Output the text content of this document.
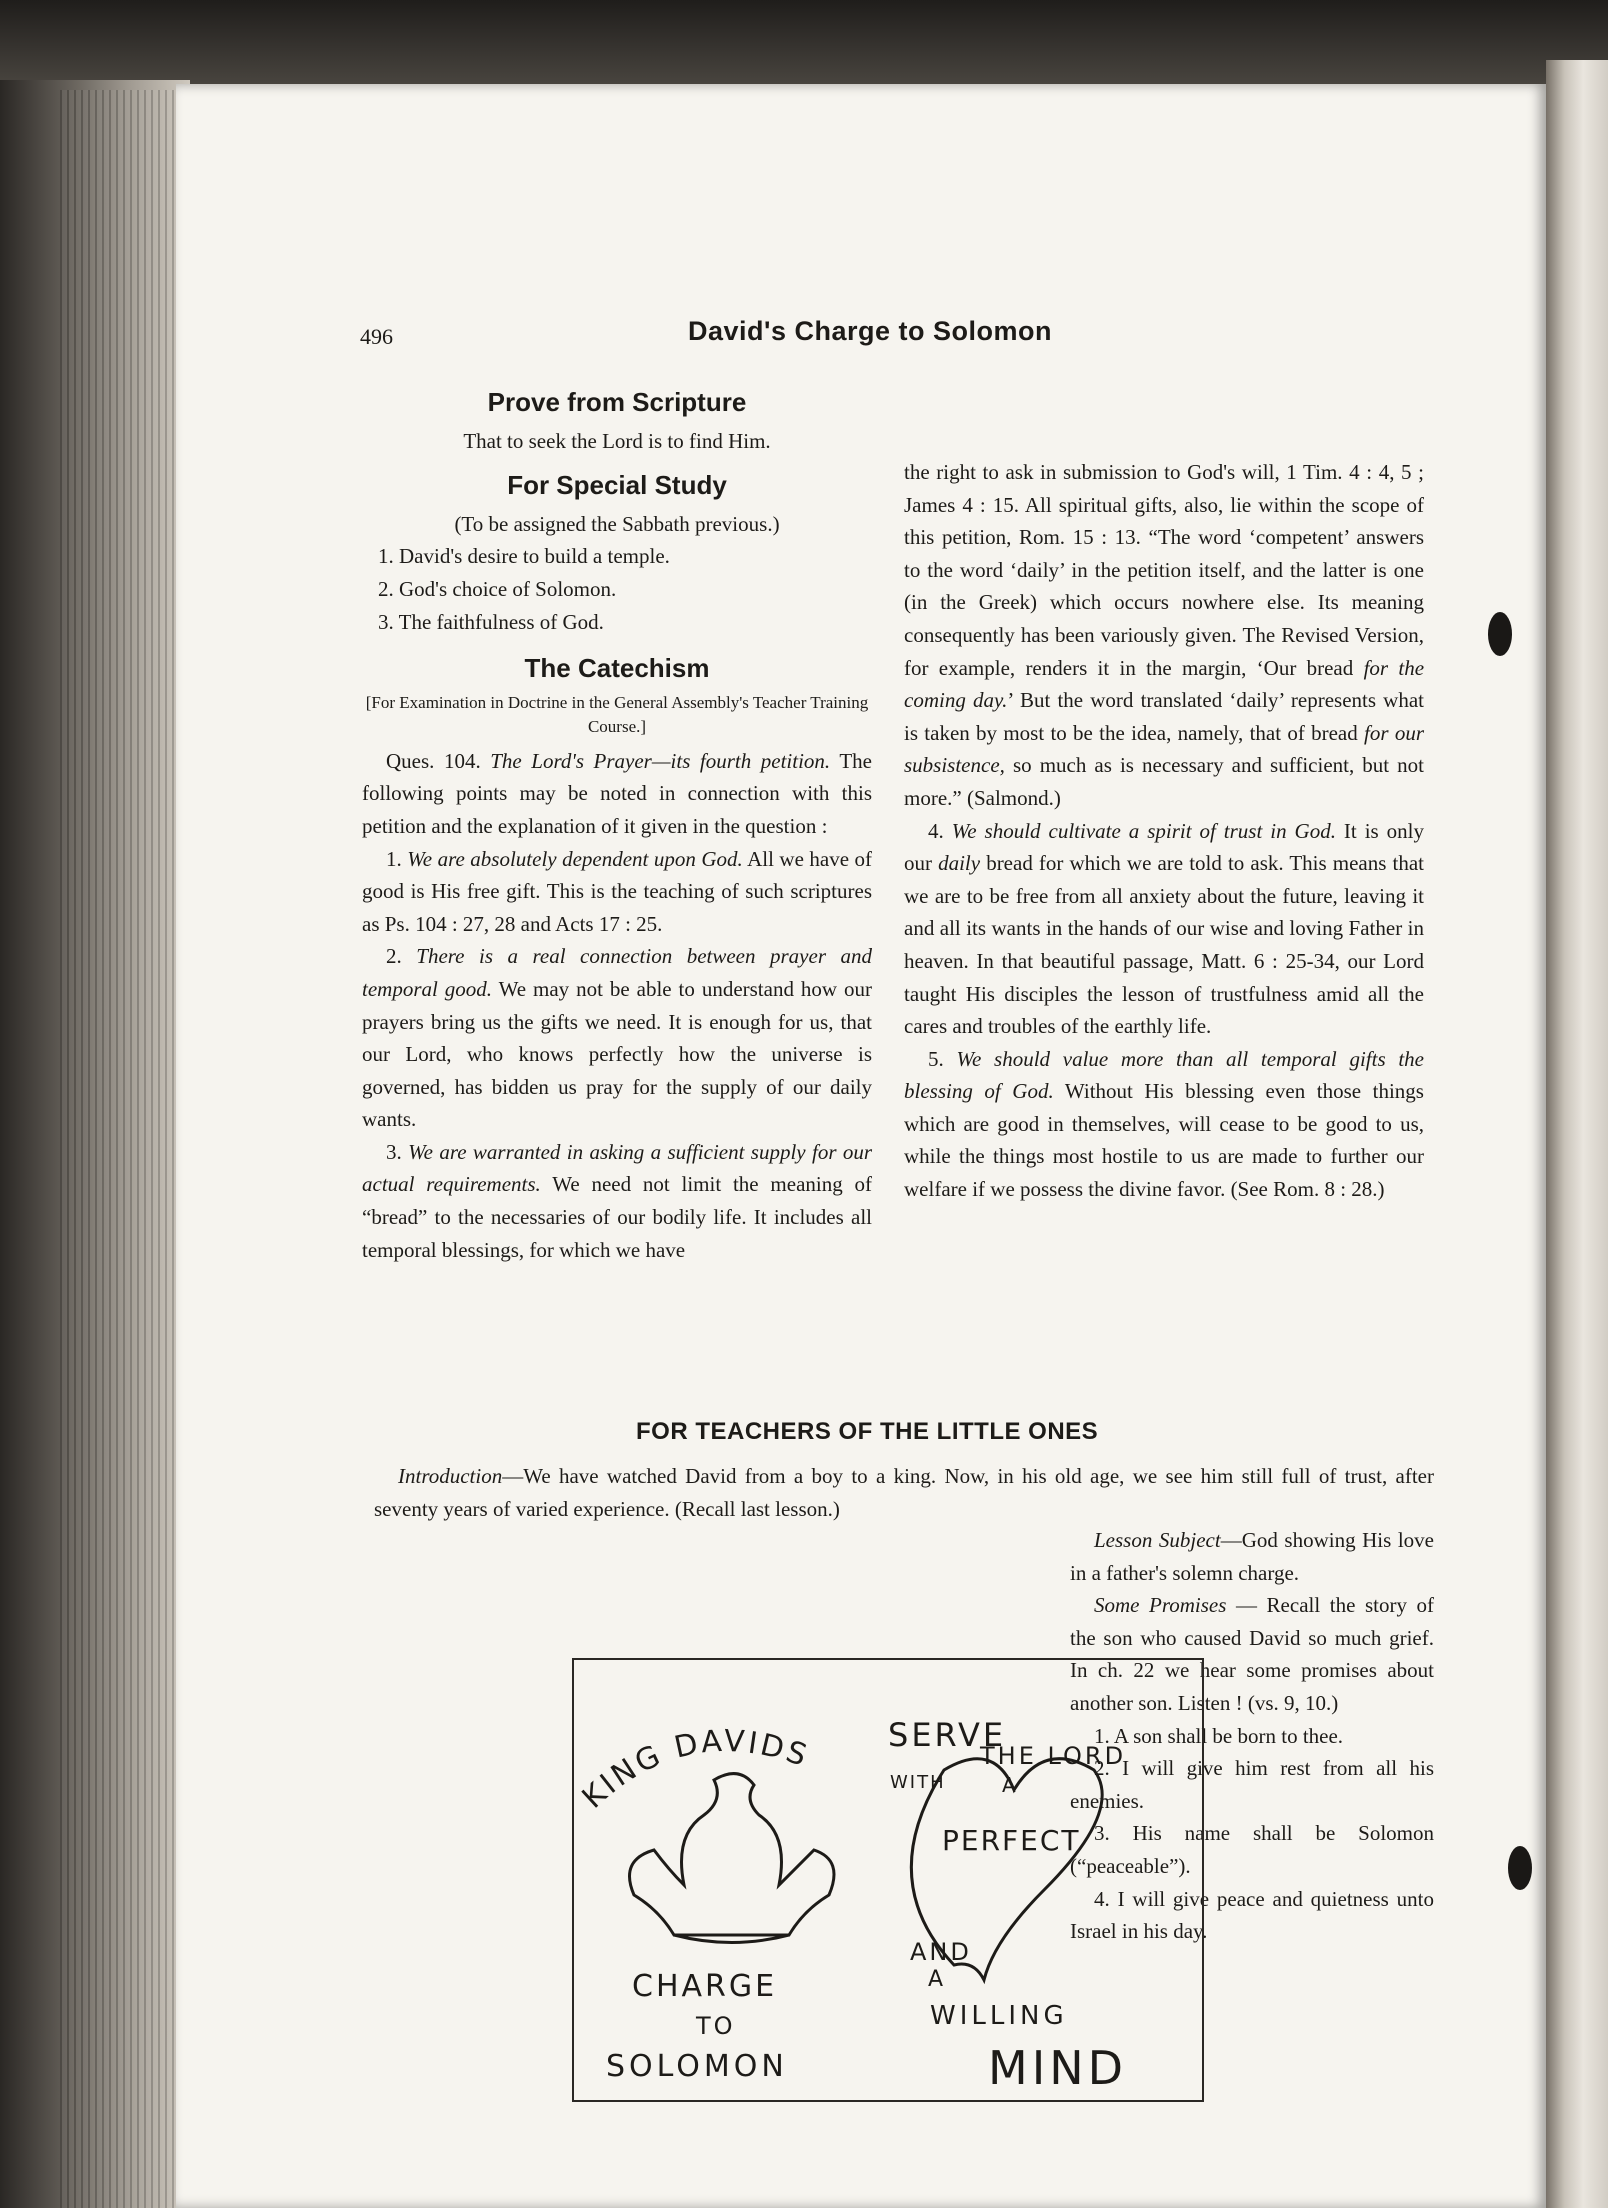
496	David's Charge to Solomon
Prove from Scripture

That to seek the Lord is to find Him.

For Special Study

(To be assigned the Sabbath previous.)

1. David's desire to build a temple.

2. God's choice of Solomon.

3. The faithfulness of God.

The Catechism

[For Examination in Doctrine in the General Assembly's Teacher Training Course.]

Ques. 104. The Lord's Prayer—its fourth petition. The following points may be noted in connection with this petition and the explanation of it given in the question :

1. We are absolutely dependent upon God. All we have of good is His free gift. This is the teaching of such scriptures as Ps. 104 : 27, 28 and Acts 17 : 25.

2. There is a real connection between prayer and temporal good. We may not be able to understand how our prayers bring us the gifts we need. It is enough for us, that our Lord, who knows perfectly how the universe is governed, has bidden us pray for the supply of our daily wants.

3. We are warranted in asking a sufficient supply for our actual requirements. We need not limit the meaning of “bread” to the necessaries of our bodily life. It includes all temporal blessings, for which we have

the right to ask in submission to God's will, 1 Tim. 4 : 4, 5 ; James 4 : 15. All spiritual gifts, also, lie within the scope of this petition, Rom. 15 : 13. “The word ‘competent’ answers to the word ‘daily’ in the petition itself, and the latter is one (in the Greek) which occurs nowhere else. Its meaning consequently has been variously given. The Revised Version, for example, renders it in the margin, ‘Our bread for the coming day.’ But the word translated ‘daily’ represents what is taken by most to be the idea, namely, that of bread for our subsistence, so much as is necessary and sufficient, but not more.” (Salmond.)

4. We should cultivate a spirit of trust in God. It is only our daily bread for which we are told to ask. This means that we are to be free from all anxiety about the future, leaving it and all its wants in the hands of our wise and loving Father in heaven. In that beautiful passage, Matt. 6 : 25-34, our Lord taught His disciples the lesson of trustfulness amid all the cares and troubles of the earthly life.

5. We should value more than all temporal gifts the blessing of God. Without His blessing even those things which are good in themselves, will cease to be good to us, while the things most hostile to us are made to further our welfare if we possess the divine favor. (See Rom. 8 : 28.)

FOR TEACHERS OF THE LITTLE ONES

Introduction—We have watched David from a boy to a king. Now, in his old age, we see him still full of trust, after seventy years of varied experience. (Recall last lesson.)

Lesson Subject—God showing His love in a father's solemn charge.

Some Promises — Recall the story of the son who caused David so much grief. In ch. 22 we hear some promises about another son. Listen ! (vs. 9, 10.)

1. A son shall be born to thee.

2. I will give him rest from all his enemies.

3. His name shall be Solomon (“peaceable”).

4. I will give peace and quietness unto Israel in his day.

KING DAVIDS
CHARGE
TO
SOLOMON
SERVE
THE LORD
WITH	A
PERFECT
AND
A
WILLING
MIND
